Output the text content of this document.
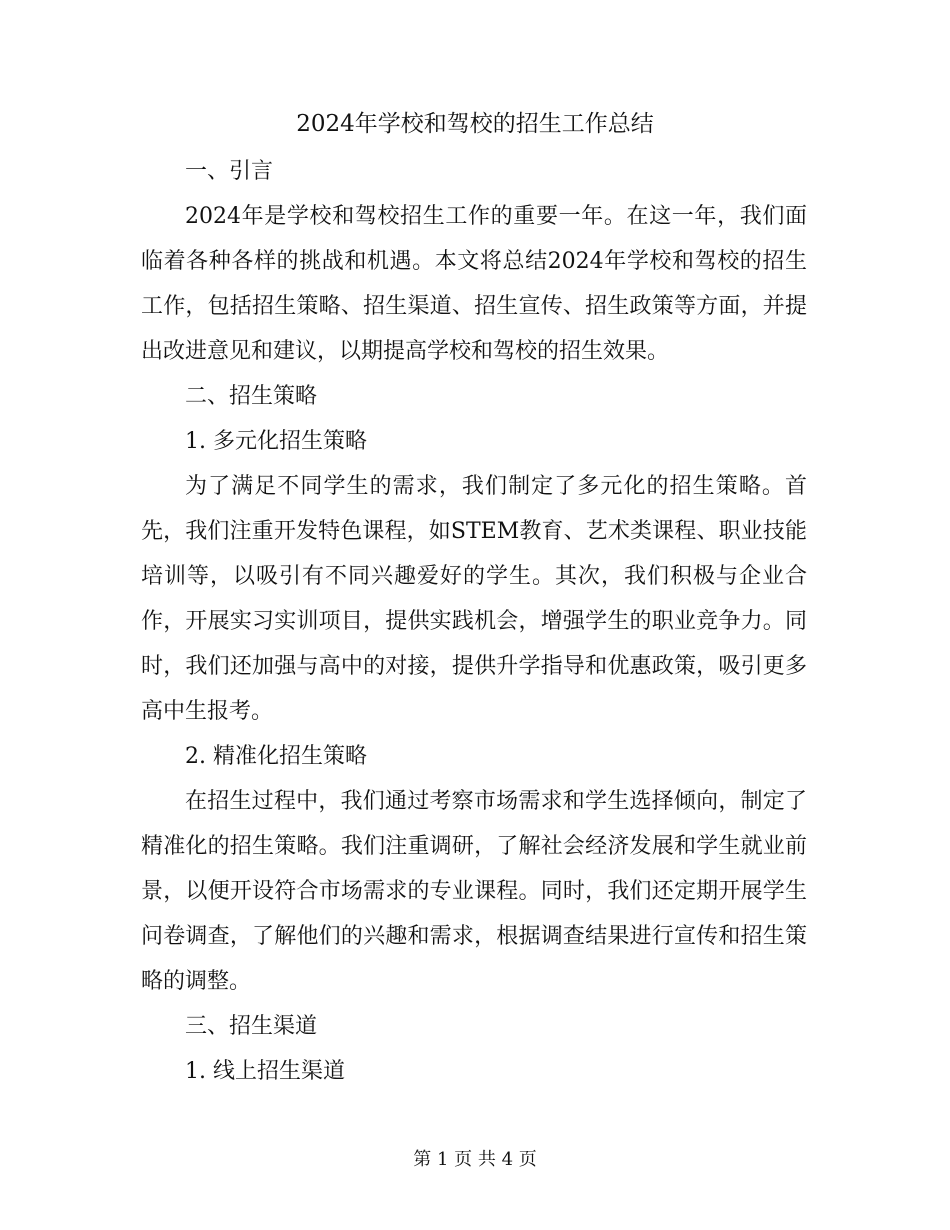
2024年学校和驾校的招生工作总结

一、引言

2024年是学校和驾校招生工作的重要一年。在这一年，我们面临着各种各样的挑战和机遇。本文将总结2024年学校和驾校的招生工作，包括招生策略、招生渠道、招生宣传、招生政策等方面，并提出改进意见和建议，以期提高学校和驾校的招生效果。

二、招生策略

1. 多元化招生策略

为了满足不同学生的需求，我们制定了多元化的招生策略。首先，我们注重开发特色课程，如STEM教育、艺术类课程、职业技能培训等，以吸引有不同兴趣爱好的学生。其次，我们积极与企业合作，开展实习实训项目，提供实践机会，增强学生的职业竞争力。同时，我们还加强与高中的对接，提供升学指导和优惠政策，吸引更多高中生报考。

2. 精准化招生策略

在招生过程中，我们通过考察市场需求和学生选择倾向，制定了精准化的招生策略。我们注重调研，了解社会经济发展和学生就业前景，以便开设符合市场需求的专业课程。同时，我们还定期开展学生问卷调查，了解他们的兴趣和需求，根据调查结果进行宣传和招生策略的调整。

三、招生渠道

1. 线上招生渠道

第 1 页 共 4 页
